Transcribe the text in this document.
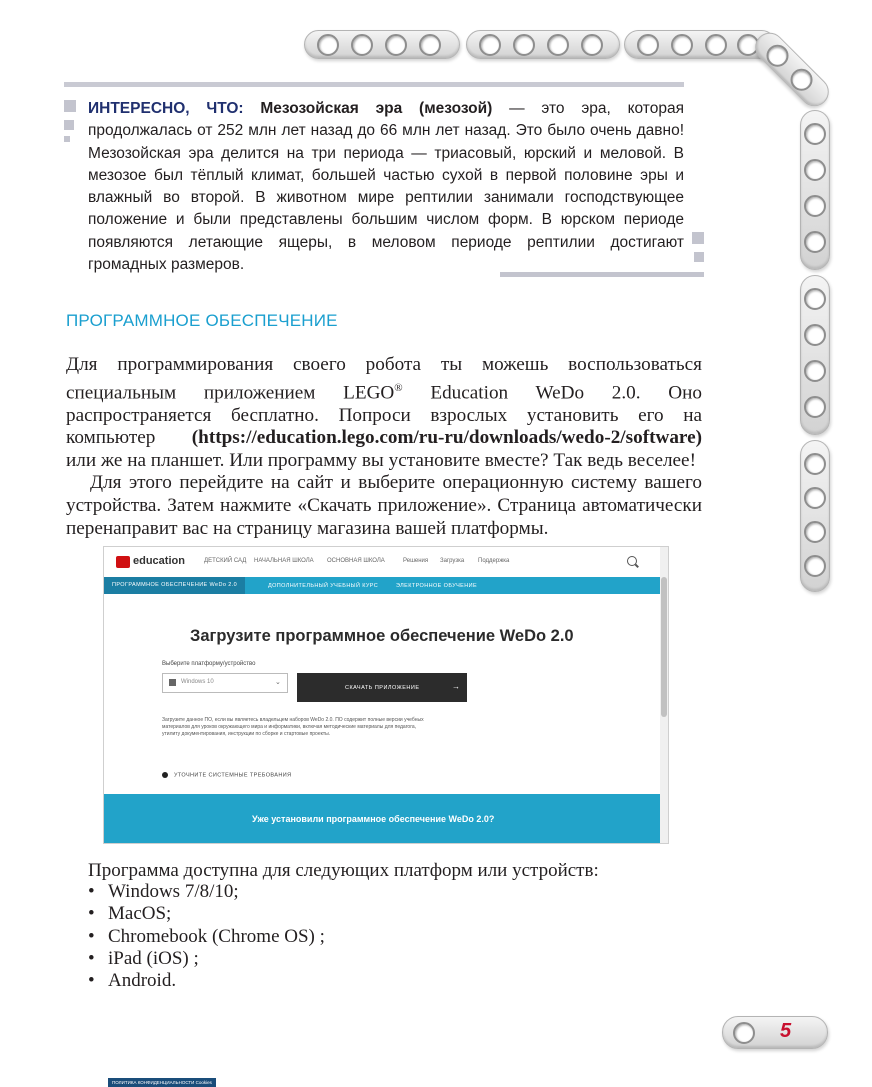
ИНТЕРЕСНО, ЧТО: Мезозойская эра (мезозой) — это эра, которая продолжалась от 252 млн лет назад до 66 млн лет назад. Это было очень давно! Мезозойская эра делится на три периода — триасовый, юрский и меловой. В мезозое был тёплый климат, большей частью сухой в первой половине эры и влажный во второй. В животном мире рептилии занимали господствующее положение и были представлены большим числом форм. В юрском периоде появляются летающие ящеры, в меловом периоде рептилии достигают громадных размеров.
ПРОГРАММНОЕ ОБЕСПЕЧЕНИЕ

Для программирования своего робота ты можешь воспользоваться специальным приложением LEGO® Education WeDo 2.0. Оно распространяется бесплатно. Попроси взрослых установить его на компьютер (https://education.lego.com/ru-ru/downloads/wedo-2/software) или же на планшет. Или программу вы установите вместе? Так ведь веселее!

Для этого перейдите на сайт и выберите операционную систему вашего устройства. Затем нажмите «Скачать приложение». Страница автоматически перенаправит вас на страницу магазина вашей платформы.

education	ДЕТСКИЙ САД НАЧАЛЬНАЯ ШКОЛА ОСНОВНАЯ ШКОЛА	Решения Загрузка Поддержка
ПРОГРАММНОЕ ОБЕСПЕЧЕНИЕ WeDo 2.0	ДОПОЛНИТЕЛЬНЫЙ УЧЕБНЫЙ КУРС	ЭЛЕКТРОННОЕ ОБУЧЕНИЕ
Загрузите программное обеспечение WeDo 2.0
Выберите платформу/устройство
Windows 10	⌄
СКАЧАТЬ ПРИЛОЖЕНИЕ	→
Загрузите данное ПО, если вы являетесь владельцем наборов WeDo 2.0. ПО содержит полные версии учебных материалов для уроков окружающего мира и информатики, включая методические материалы для педагога, утилиту документирования, инструкции по сборке и стартовые проекты.
УТОЧНИТЕ СИСТЕМНЫЕ ТРЕБОВАНИЯ
Уже установили программное обеспечение WeDo 2.0?
ПОЛИТИКА КОНФИДЕНЦИАЛЬНОСТИ Cookies
Программа доступна для следующих платформ или устройств:
• Windows 7/8/10;
• MacOS;
• Chromebook (Chrome OS) ;
• iPad (iOS) ;
• Android.
5
